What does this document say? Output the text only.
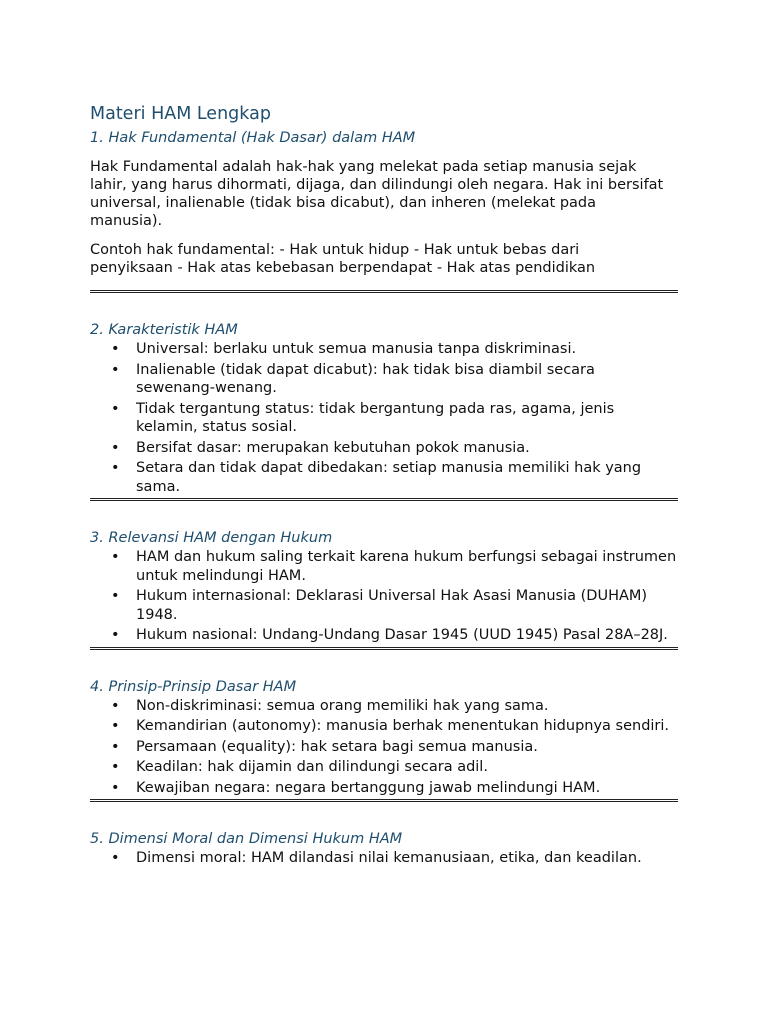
Materi HAM Lengkap
1. Hak Fundamental (Hak Dasar) dalam HAM

Hak Fundamental adalah hak-hak yang melekat pada setiap manusia sejak lahir, yang harus dihormati, dijaga, dan dilindungi oleh negara. Hak ini bersifat universal, inalienable (tidak bisa dicabut), dan inheren (melekat pada manusia).

Contoh hak fundamental: - Hak untuk hidup - Hak untuk bebas dari penyiksaan - Hak atas kebebasan berpendapat - Hak atas pendidikan

2. Karakteristik HAM
• Universal: berlaku untuk semua manusia tanpa diskriminasi.
• Inalienable (tidak dapat dicabut): hak tidak bisa diambil secara sewenang-wenang.
• Tidak tergantung status: tidak bergantung pada ras, agama, jenis kelamin, status sosial.
• Bersifat dasar: merupakan kebutuhan pokok manusia.
• Setara dan tidak dapat dibedakan: setiap manusia memiliki hak yang sama.
3. Relevansi HAM dengan Hukum
• HAM dan hukum saling terkait karena hukum berfungsi sebagai instrumen untuk melindungi HAM.
• Hukum internasional: Deklarasi Universal Hak Asasi Manusia (DUHAM) 1948.
• Hukum nasional: Undang-Undang Dasar 1945 (UUD 1945) Pasal 28A–28J.
4. Prinsip-Prinsip Dasar HAM
• Non-diskriminasi: semua orang memiliki hak yang sama.
• Kemandirian (autonomy): manusia berhak menentukan hidupnya sendiri.
• Persamaan (equality): hak setara bagi semua manusia.
• Keadilan: hak dijamin dan dilindungi secara adil.
• Kewajiban negara: negara bertanggung jawab melindungi HAM.
5. Dimensi Moral dan Dimensi Hukum HAM
• Dimensi moral: HAM dilandasi nilai kemanusiaan, etika, dan keadilan.
